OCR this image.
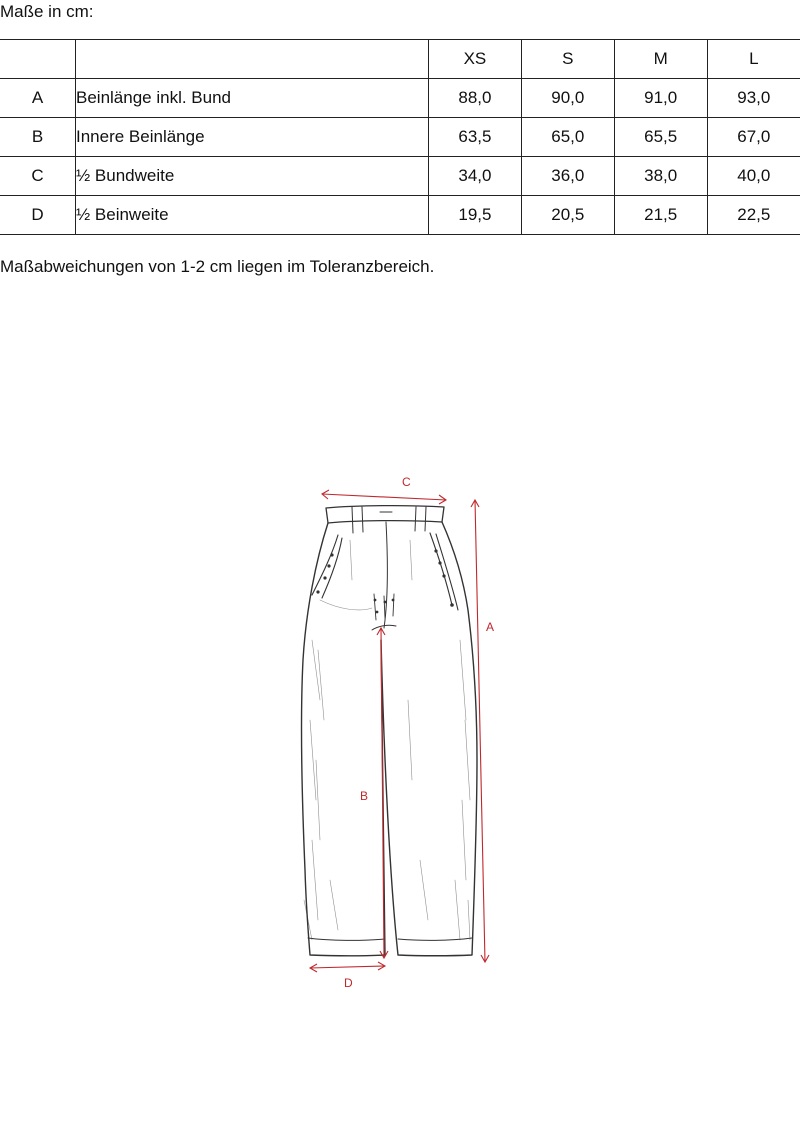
Maße in cm:
		XS	S	M	L
A	Beinlänge inkl. Bund	88,0	90,0	91,0	93,0
B	Innere Beinlänge	63,5	65,0	65,5	67,0
C	½ Bundweite	34,0	36,0	38,0	40,0
D	½ Beinweite	19,5	20,5	21,5	22,5
Maßabweichungen von 1-2 cm liegen im Toleranzbereich.
C
A
B
D
